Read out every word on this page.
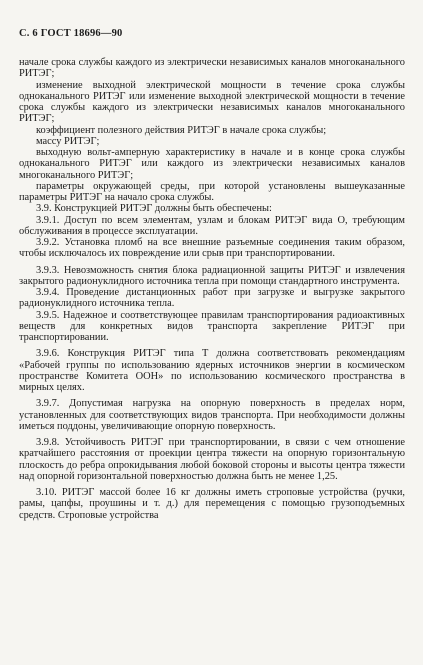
С. 6 ГОСТ 18696—90

начале срока службы каждого из электрически независимых каналов многоканального РИТЭГ;

изменение выходной электрической мощности в течение срока службы одноканального РИТЭГ или изменение выходной электрической мощности в течение срока службы каждого из электрически независимых каналов многоканального РИТЭГ;

коэффициент полезного действия РИТЭГ в начале срока службы;

массу РИТЭГ;

выходную вольт-амперную характеристику в начале и в конце срока службы одноканального РИТЭГ или каждого из электрически независимых каналов многоканального РИТЭГ;

параметры окружающей среды, при которой установлены вышеуказанные параметры РИТЭГ на начало срока службы.

3.9. Конструкцией РИТЭГ должны быть обеспечены:

3.9.1. Доступ по всем элементам, узлам и блокам РИТЭГ вида О, требующим обслуживания в процессе эксплуатации.

3.9.2. Установка пломб на все внешние разъемные соединения таким образом, чтобы исключалось их повреждение или срыв при транспортировании.

3.9.3. Невозможность снятия блока радиационной защиты РИТЭГ и извлечения закрытого радионуклидного источника тепла при помощи стандартного инструмента.

3.9.4. Проведение дистанционных работ при загрузке и выгрузке закрытого радионуклидного источника тепла.

3.9.5. Надежное и соответствующее правилам транспортирования радиоактивных веществ для конкретных видов транспорта закрепление РИТЭГ при транспортировании.

3.9.6. Конструкция РИТЭГ типа Т должна соответствовать рекомендациям «Рабочей группы по использованию ядерных источников энергии в космическом пространстве Комитета ООН» по использованию космического пространства в мирных целях.

3.9.7. Допустимая нагрузка на опорную поверхность в пределах норм, установленных для соответствующих видов транспорта. При необходимости должны иметься поддоны, увеличивающие опорную поверхность.

3.9.8. Устойчивость РИТЭГ при транспортировании, в связи с чем отношение кратчайшего расстояния от проекции центра тяжести на опорную горизонтальную плоскость до ребра опрокидывания любой боковой стороны и высоты центра тяжести над опорной горизонтальной поверхностью должна быть не менее 1,25.

3.10. РИТЭГ массой более 16 кг должны иметь строповые устройства (ручки, рамы, цапфы, проушины и т. д.) для перемещения с помощью грузоподъемных средств. Строповые устройства
